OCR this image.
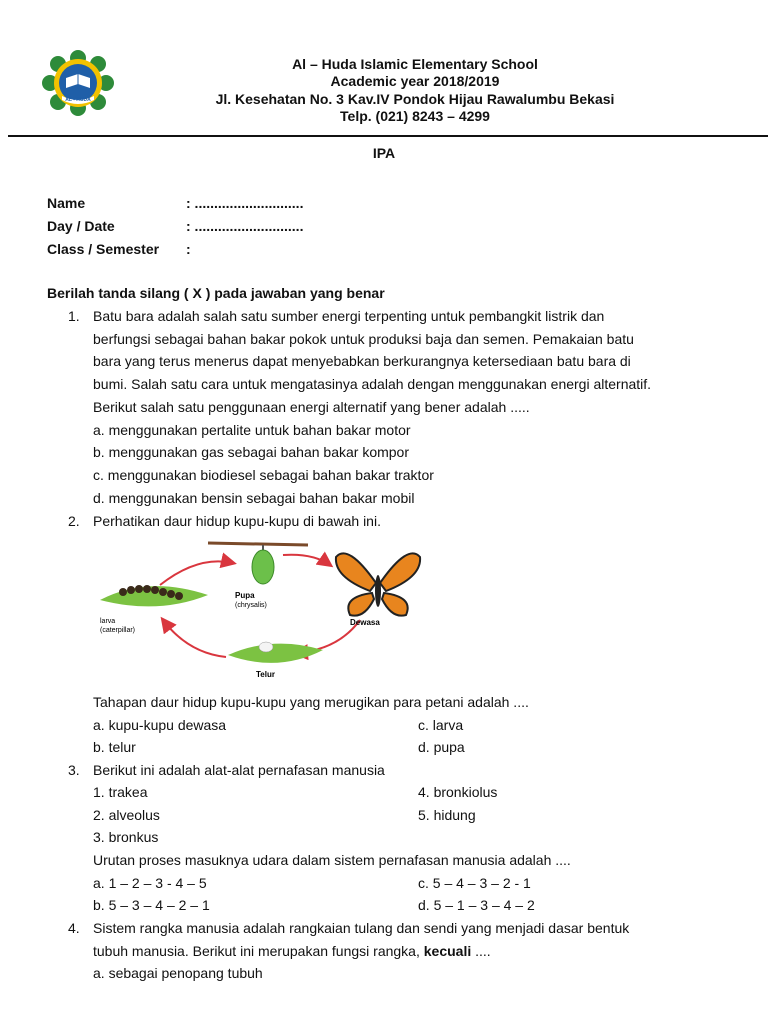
AL - HUDA
Al – Huda Islamic Elementary School
Academic year 2018/2019
Jl. Kesehatan No. 3 Kav.IV Pondok Hijau Rawalumbu Bekasi
Telp. (021) 8243 – 4299
IPA
Name	: ............................
Day / Date	: ............................
Class / Semester :
Berilah tanda silang ( X ) pada jawaban yang benar
1. Batu bara adalah salah satu sumber energi terpenting untuk pembangkit listrik dan
berfungsi sebagai bahan bakar pokok untuk produksi baja dan semen. Pemakaian batu
bara yang terus menerus dapat menyebabkan berkurangnya ketersediaan batu bara di
bumi. Salah satu cara untuk mengatasinya adalah dengan menggunakan energi alternatif.
Berikut salah satu penggunaan energi alternatif yang bener adalah .....
a. menggunakan pertalite untuk bahan bakar motor
b. menggunakan gas sebagai bahan bakar kompor
c. menggunakan biodiesel sebagai bahan bakar traktor
d. menggunakan bensin sebagai bahan bakar mobil
2. Perhatikan daur hidup kupu-kupu di bawah ini.
Pupa
(chrysalis)
Dewasa
larva
(caterpillar)
Telur
Tahapan daur hidup kupu-kupu yang merugikan para petani adalah ....
a. kupu-kupu dewasa	c. larva
b. telur	d. pupa
3. Berikut ini adalah alat-alat pernafasan manusia
1. trakea	4. bronkiolus
2. alveolus	5. hidung
3. bronkus
Urutan proses masuknya udara dalam sistem pernafasan manusia adalah ....
a. 1 – 2 – 3 - 4 – 5	c. 5 – 4 – 3 – 2 - 1
b. 5 – 3 – 4 – 2 – 1	d. 5 – 1 – 3 – 4 – 2
4. Sistem rangka manusia adalah rangkaian tulang dan sendi yang menjadi dasar bentuk
tubuh manusia. Berikut ini merupakan fungsi rangka, kecuali ....
a. sebagai penopang tubuh
